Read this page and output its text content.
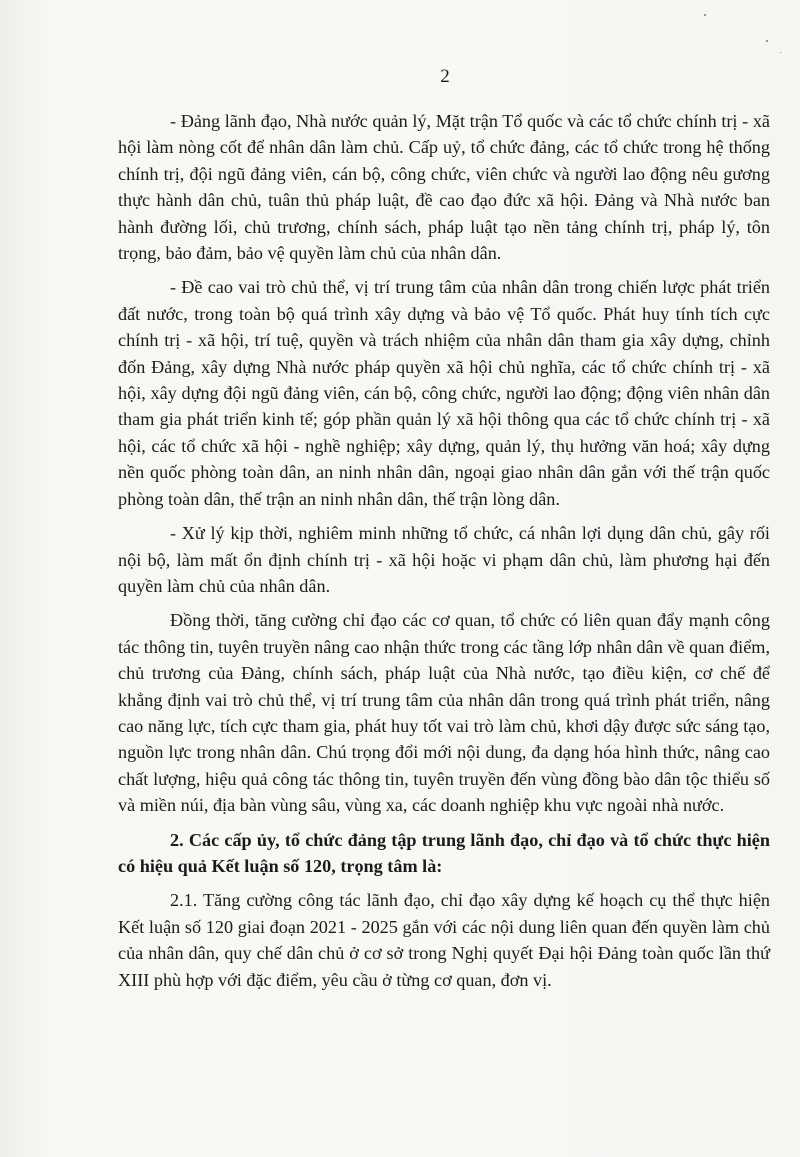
2

- Đảng lãnh đạo, Nhà nước quản lý, Mặt trận Tổ quốc và các tổ chức chính trị - xã hội làm nòng cốt để nhân dân làm chủ. Cấp uỷ, tổ chức đảng, các tổ chức trong hệ thống chính trị, đội ngũ đảng viên, cán bộ, công chức, viên chức và người lao động nêu gương thực hành dân chủ, tuân thủ pháp luật, đề cao đạo đức xã hội. Đảng và Nhà nước ban hành đường lối, chủ trương, chính sách, pháp luật tạo nền tảng chính trị, pháp lý, tôn trọng, bảo đảm, bảo vệ quyền làm chủ của nhân dân.

- Đề cao vai trò chủ thể, vị trí trung tâm của nhân dân trong chiến lược phát triển đất nước, trong toàn bộ quá trình xây dựng và bảo vệ Tổ quốc. Phát huy tính tích cực chính trị - xã hội, trí tuệ, quyền và trách nhiệm của nhân dân tham gia xây dựng, chỉnh đốn Đảng, xây dựng Nhà nước pháp quyền xã hội chủ nghĩa, các tổ chức chính trị - xã hội, xây dựng đội ngũ đảng viên, cán bộ, công chức, người lao động; động viên nhân dân tham gia phát triển kinh tế; góp phần quản lý xã hội thông qua các tổ chức chính trị - xã hội, các tổ chức xã hội - nghề nghiệp; xây dựng, quản lý, thụ hưởng văn hoá; xây dựng nền quốc phòng toàn dân, an ninh nhân dân, ngoại giao nhân dân gắn với thế trận quốc phòng toàn dân, thế trận an ninh nhân dân, thế trận lòng dân.

- Xử lý kịp thời, nghiêm minh những tổ chức, cá nhân lợi dụng dân chủ, gây rối nội bộ, làm mất ổn định chính trị - xã hội hoặc vi phạm dân chủ, làm phương hại đến quyền làm chủ của nhân dân.

Đồng thời, tăng cường chỉ đạo các cơ quan, tổ chức có liên quan đẩy mạnh công tác thông tin, tuyên truyền nâng cao nhận thức trong các tầng lớp nhân dân về quan điểm, chủ trương của Đảng, chính sách, pháp luật của Nhà nước, tạo điều kiện, cơ chế để khẳng định vai trò chủ thể, vị trí trung tâm của nhân dân trong quá trình phát triển, nâng cao năng lực, tích cực tham gia, phát huy tốt vai trò làm chủ, khơi dậy được sức sáng tạo, nguồn lực trong nhân dân. Chú trọng đổi mới nội dung, đa dạng hóa hình thức, nâng cao chất lượng, hiệu quả công tác thông tin, tuyên truyền đến vùng đồng bào dân tộc thiểu số và miền núi, địa bàn vùng sâu, vùng xa, các doanh nghiệp khu vực ngoài nhà nước.

2. Các cấp ủy, tổ chức đảng tập trung lãnh đạo, chỉ đạo và tổ chức thực hiện có hiệu quả Kết luận số 120, trọng tâm là:

2.1. Tăng cường công tác lãnh đạo, chỉ đạo xây dựng kế hoạch cụ thể thực hiện Kết luận số 120 giai đoạn 2021 - 2025 gắn với các nội dung liên quan đến quyền làm chủ của nhân dân, quy chế dân chủ ở cơ sở trong Nghị quyết Đại hội Đảng toàn quốc lần thứ XIII phù hợp với đặc điểm, yêu cầu ở từng cơ quan, đơn vị.
